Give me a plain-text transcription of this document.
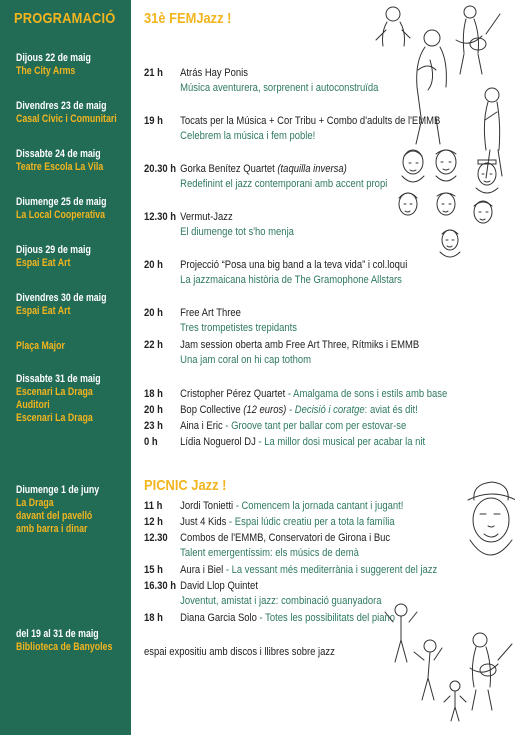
PROGRAMACIÓ
Dijous 22 de maig
The City Arms
Divendres 23 de maig
Casal Cívic i Comunitari
Dissabte 24 de maig
Teatre Escola La Vila
Diumenge 25 de maig
La Local Cooperativa
Dijous 29 de maig
Espai Eat Art
Divendres 30 de maig
Espai Eat Art
Plaça Major
Dissabte 31 de maig
Escenari La Draga
Auditori
Escenari La Draga
Diumenge 1 de juny
La Draga
davant del pavelló
amb barra i dinar
del 19 al 31 de maig
Biblioteca de Banyoles
31è FEMJazz !
21 h Atrás Hay Ponis
Música aventurera, sorprenent i autoconstruïda
19 h Tocats per la Música + Cor Tribu + Combo d'adults de l'EMMB
Celebrem la música i fem poble!
20.30 h Gorka Benítez Quartet (taquilla inversa)
Redefinint el jazz contemporani amb accent propi
12.30 h Vermut-Jazz
El diumenge tot s'ho menja
20 h Projecció “Posa una big band a la teva vida” i col.loqui
La jazzmaicana història de The Gramophone Allstars
20 h Free Art Three
Tres trompetistes trepidants
22 h Jam session oberta amb Free Art Three, Rítmiks i EMMB
Una jam coral on hi cap tothom
18 h Cristopher Pérez Quartet - Amalgama de sons i estils amb base
20 h Bop Collective (12 euros) - Decisió i coratge: aviat és dit!
23 h Aina i Eric - Groove tant per ballar com per estovar-se
0 h Lídia Noguerol DJ - La millor dosi musical per acabar la nit
PICNIC Jazz !
11 h Jordi Tonietti - Comencem la jornada cantant i jugant!
12 h Just 4 Kids - Espai lúdic creatiu per a tota la família
12.30 Combos de l'EMMB, Conservatori de Girona i Buc
Talent emergentíssim: els músics de demà
15 h Aura i Biel - La vessant més mediterrània i suggerent del jazz
16.30 h David Llop Quintet
Joventut, amistat i jazz: combinació guanyadora
18 h Diana Garcia Solo - Totes les possibilitats del piano
espai expositiu amb discos i llibres sobre jazz
